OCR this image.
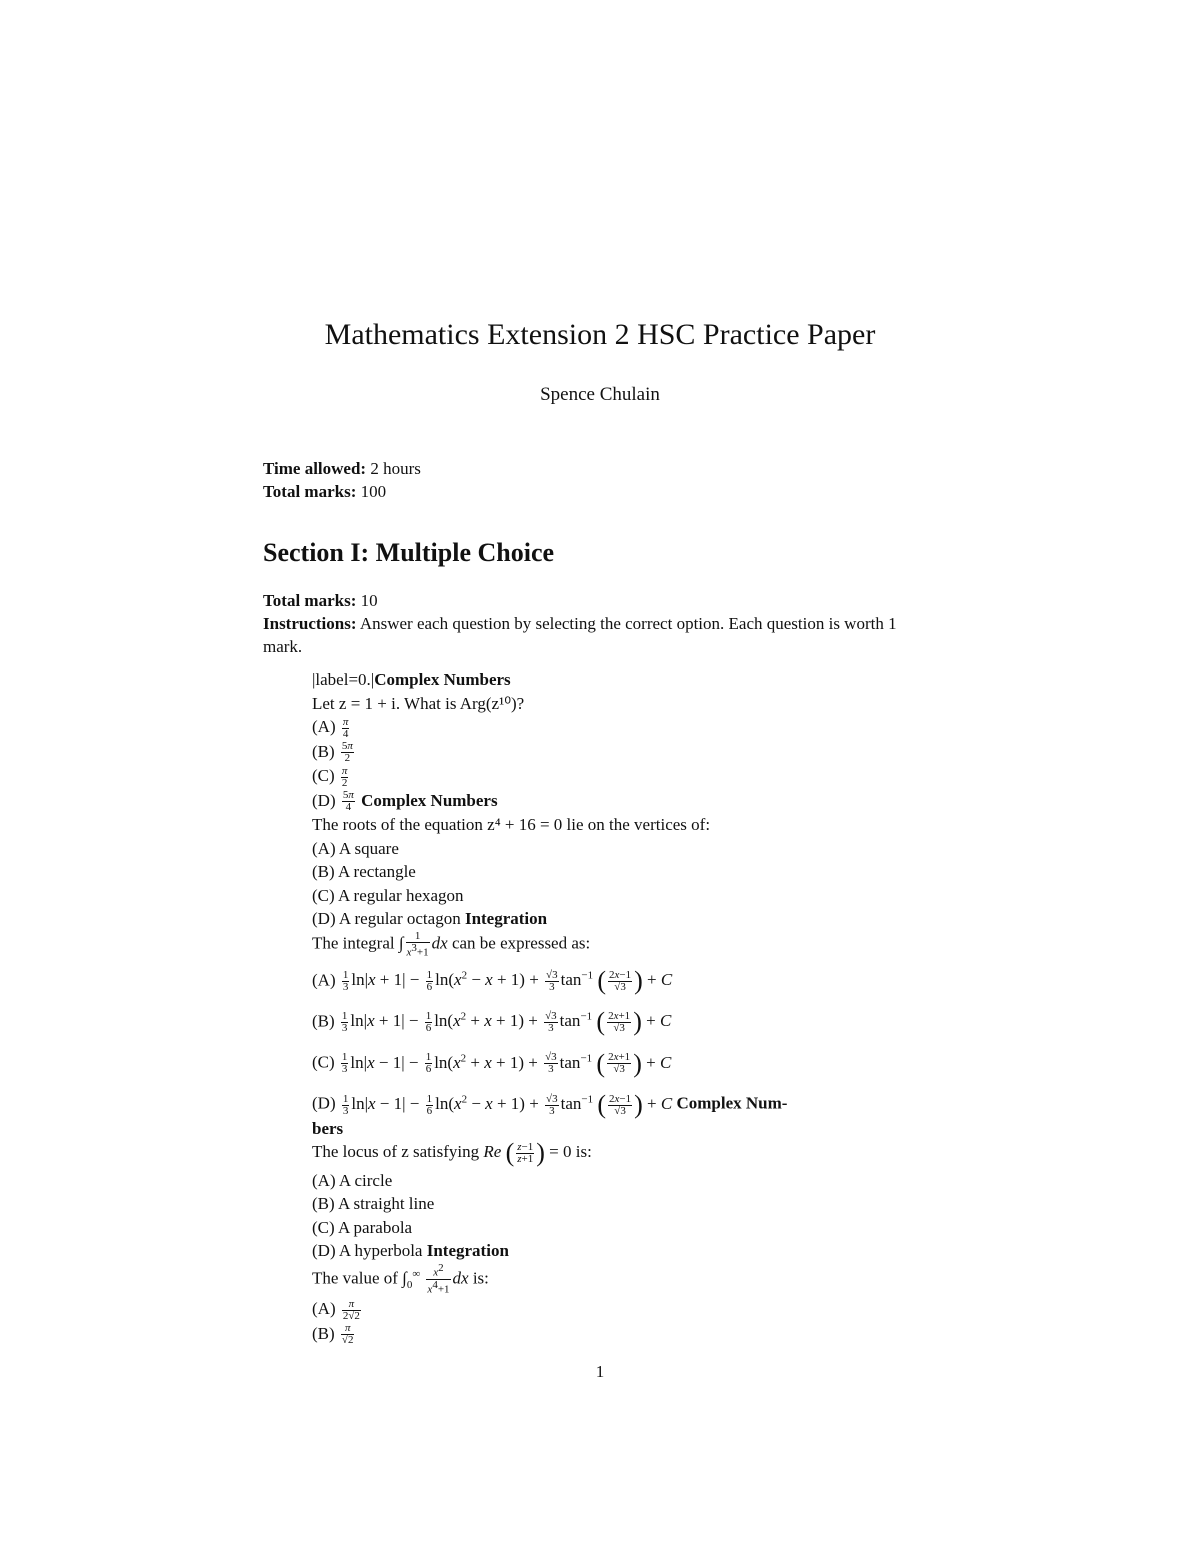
Mathematics Extension 2 HSC Practice Paper
Spence Chulain
Time allowed: 2 hours
Total marks: 100
Section I: Multiple Choice
Total marks: 10
Instructions: Answer each question by selecting the correct option. Each question is worth 1 mark.
|label=0.|Complex Numbers
Let z = 1 + i. What is Arg(z¹⁰)?
$(A) \frac{\pi}{4}$
$(B) \frac{5\pi}{2}$
$(C) \frac{\pi}{2}$
$(D) \frac{5\pi}{4}$ Complex Numbers
The roots of the equation z⁴ + 16 = 0 lie on the vertices of:
(A) A square
(B) A rectangle
(C) A regular hexagon
(D) A regular octagon Integration
The integral ∫ $\frac{1}{x^3+1}$ dx can be expressed as:
$(A) \frac{1}{3} \ln|x + 1| - \frac{1}{6} \ln(x^2 - x + 1) + \frac{√3}{3} \tan^{-1}$ ( $\frac{2x-1}{√3}$ ) + C
$(B) \frac{1}{3} \ln|x + 1| - \frac{1}{6} \ln(x^2 + x + 1) + \frac{√3}{3} \tan^{-1}$ ( $\frac{2x+1}{√3}$ ) + C
$(C) \frac{1}{3} \ln|x - 1| - \frac{1}{6} \ln(x^2 + x + 1) + \frac{√3}{3} \tan^{-1}$ ( $\frac{2x+1}{√3}$ ) + C
$(D) \frac{1}{3} \ln|x - 1| - \frac{1}{6} \ln(x^2 - x + 1) + \frac{√3}{3} \tan^{-1}$ ( $\frac{2x-1}{√3}$ ) + C Complex Num-
bers
The locus of z satisfying Re ( $\frac{z-1}{z+1}$ ) = 0 is:
(A) A circle
(B) A straight line
(C) A parabola
(D) A hyperbola Integration
The value of $\int_0^\infty \frac{x^2}{x^4+1}$ dx is:
$(A) \frac{\pi}{2√2}$
$(B) \frac{\pi}{√2}$
1
